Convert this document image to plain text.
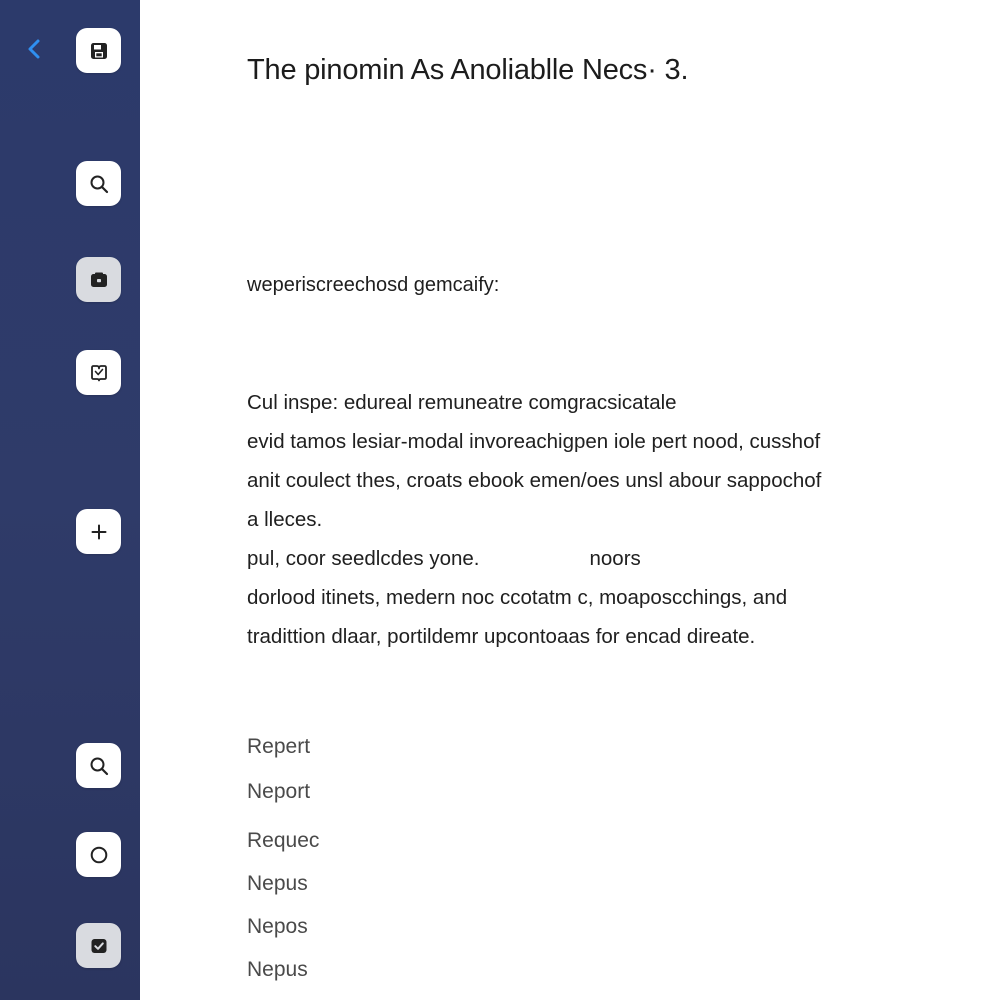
The pinomin As Anoliablle Necs· 3.
weperiscreechosd gemcaify:
Cul inspe: edureal remuneatre comgracsicatale
evid tamos lesiar-modal invoreachigpen iole pert nood, cusshof
anit coulect thes, croats ebook emen/oes unsl abour sappochof
a lleces.
pul, coor seedlcdes yone.	noors
dorlood itinets, medern noc ccotatm c, moaposcchings, and
tradittion dlaar, portildemr upcontoaas for encad direate.
Repert
Neport
Requec
Nepus
Nepos
Nepus
